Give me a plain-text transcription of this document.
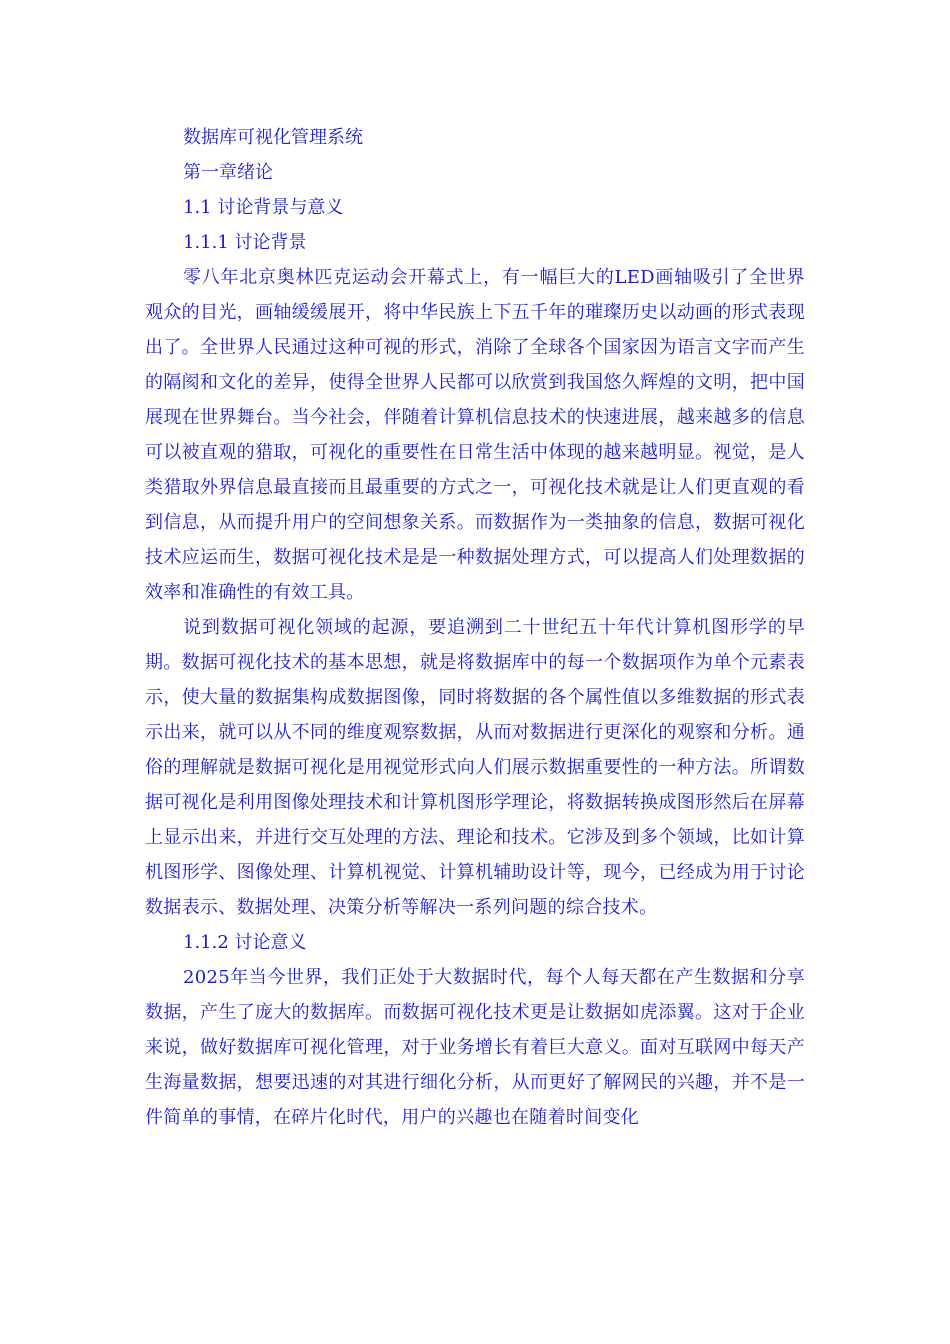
数据库可视化管理系统

第一章绪论

1.1 讨论背景与意义

1.1.1 讨论背景

零八年北京奥林匹克运动会开幕式上，有一幅巨大的LED画轴吸引了全世界观众的目光，画轴缓缓展开，将中华民族上下五千年的璀璨历史以动画的形式表现出了。全世界人民通过这种可视的形式，消除了全球各个国家因为语言文字而产生的隔阂和文化的差异，使得全世界人民都可以欣赏到我国悠久辉煌的文明，把中国展现在世界舞台。当今社会，伴随着计算机信息技术的快速进展，越来越多的信息可以被直观的猎取，可视化的重要性在日常生活中体现的越来越明显。视觉，是人类猎取外界信息最直接而且最重要的方式之一，可视化技术就是让人们更直观的看到信息，从而提升用户的空间想象关系。而数据作为一类抽象的信息，数据可视化技术应运而生，数据可视化技术是是一种数据处理方式，可以提高人们处理数据的效率和准确性的有效工具。

说到数据可视化领域的起源，要追溯到二十世纪五十年代计算机图形学的早期。数据可视化技术的基本思想，就是将数据库中的每一个数据项作为单个元素表示，使大量的数据集构成数据图像，同时将数据的各个属性值以多维数据的形式表示出来，就可以从不同的维度观察数据，从而对数据进行更深化的观察和分析。通俗的理解就是数据可视化是用视觉形式向人们展示数据重要性的一种方法。所谓数据可视化是利用图像处理技术和计算机图形学理论，将数据转换成图形然后在屏幕上显示出来，并进行交互处理的方法、理论和技术。它涉及到多个领域，比如计算机图形学、图像处理、计算机视觉、计算机辅助设计等，现今，已经成为用于讨论数据表示、数据处理、决策分析等解决一系列问题的综合技术。

1.1.2 讨论意义

2025年当今世界，我们正处于大数据时代，每个人每天都在产生数据和分享数据，产生了庞大的数据库。而数据可视化技术更是让数据如虎添翼。这对于企业来说，做好数据库可视化管理，对于业务增长有着巨大意义。面对互联网中每天产生海量数据，想要迅速的对其进行细化分析，从而更好了解网民的兴趣，并不是一件简单的事情，在碎片化时代，用户的兴趣也在随着时间变化
